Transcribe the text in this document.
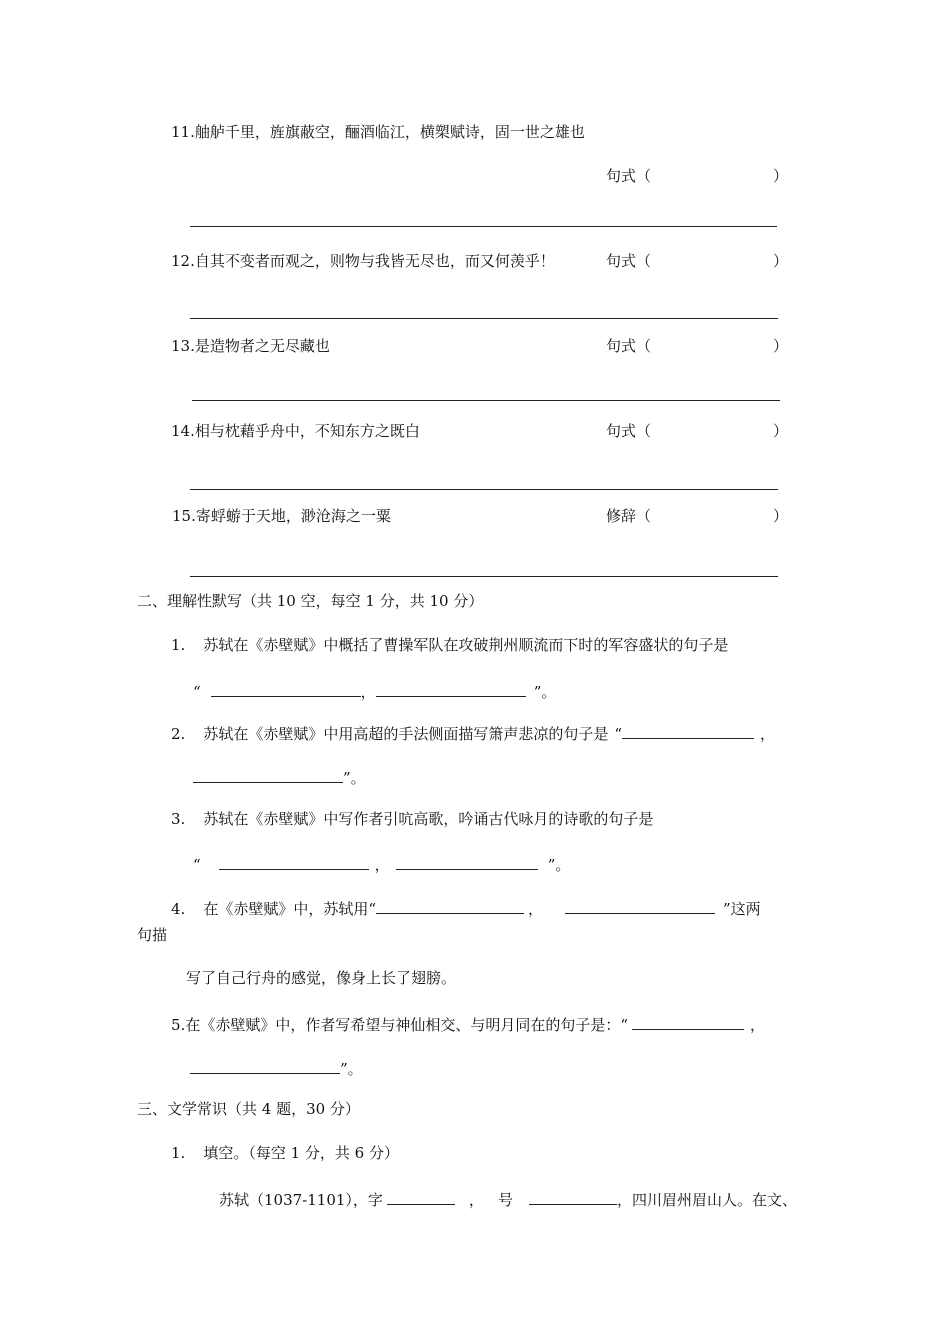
11.舳舻千里，旌旗蔽空，酾酒临江，横槊赋诗，固一世之雄也
句式（	）
12.自其不变者而观之，则物与我皆无尽也，而又何羡乎！	句式（	）
13.是造物者之无尽藏也	句式（	）
14.相与枕藉乎舟中，不知东方之既白	句式（	）
15.寄蜉蝣于天地，渺沧海之一粟	修辞（	）
二、理解性默写（共 10 空，每空 1 分，共 10 分）
1. 苏轼在《赤壁赋》中概括了曹操军队在攻破荆州顺流而下时的军容盛状的句子是
“	，	”。
2. 苏轼在《赤壁赋》中用高超的手法侧面描写箫声悲凉的句子是 “	，
”。
3. 苏轼在《赤壁赋》中写作者引吭高歌，吟诵古代咏月的诗歌的句子是
“	，	”。
4. 在《赤壁赋》中，苏轼用“	，	”这两
句描
写了自己行舟的感觉，像身上长了翅膀。
5.在《赤壁赋》中，作者写希望与神仙相交、与明月同在的句子是：“	，
”。
三、文学常识（共 4 题，30 分）
1. 填空。（每空 1 分，共 6 分）
苏轼（1037-1101），字	， 号	，四川眉州眉山人。在文、
